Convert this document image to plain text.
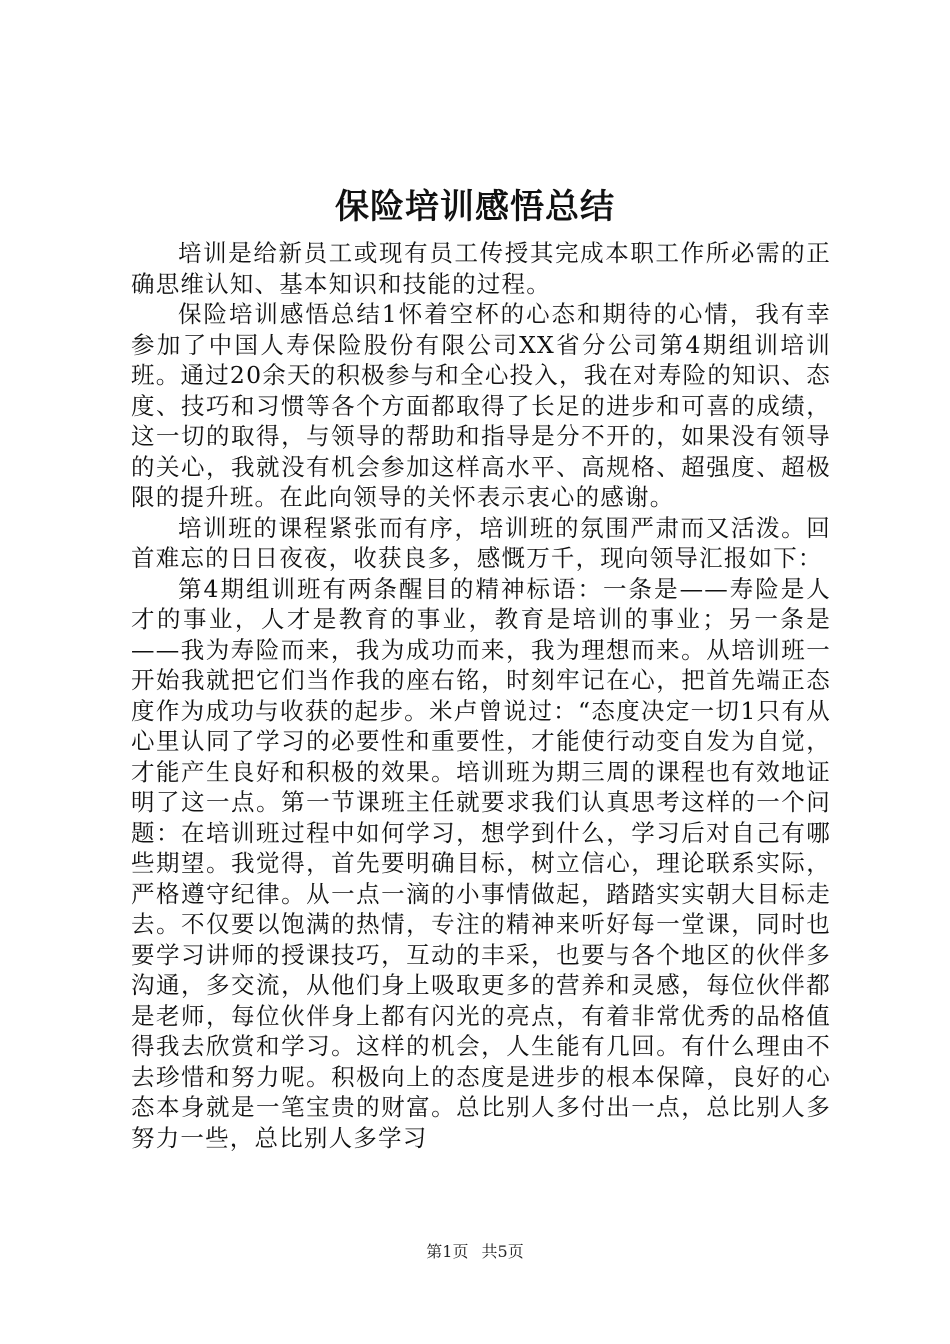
保险培训感悟总结

培训是给新员工或现有员工传授其完成本职工作所必需的正确思维认知、基本知识和技能的过程。

保险培训感悟总结1怀着空杯的心态和期待的心情，我有幸参加了中国人寿保险股份有限公司XX省分公司第4期组训培训班。通过20余天的积极参与和全心投入，我在对寿险的知识、态度、技巧和习惯等各个方面都取得了长足的进步和可喜的成绩，这一切的取得，与领导的帮助和指导是分不开的，如果没有领导的关心，我就没有机会参加这样高水平、高规格、超强度、超极限的提升班。在此向领导的关怀表示衷心的感谢。

培训班的课程紧张而有序，培训班的氛围严肃而又活泼。回首难忘的日日夜夜，收获良多，感慨万千，现向领导汇报如下：

第4期组训班有两条醒目的精神标语：一条是——寿险是人才的事业，人才是教育的事业，教育是培训的事业；另一条是——我为寿险而来，我为成功而来，我为理想而来。从培训班一开始我就把它们当作我的座右铭，时刻牢记在心，把首先端正态度作为成功与收获的起步。米卢曾说过：“态度决定一切1只有从心里认同了学习的必要性和重要性，才能使行动变自发为自觉，才能产生良好和积极的效果。培训班为期三周的课程也有效地证明了这一点。第一节课班主任就要求我们认真思考这样的一个问题：在培训班过程中如何学习，想学到什么，学习后对自己有哪些期望。我觉得，首先要明确目标，树立信心，理论联系实际，严格遵守纪律。从一点一滴的小事情做起，踏踏实实朝大目标走去。不仅要以饱满的热情，专注的精神来听好每一堂课，同时也要学习讲师的授课技巧，互动的丰采，也要与各个地区的伙伴多沟通，多交流，从他们身上吸取更多的营养和灵感，每位伙伴都是老师，每位伙伴身上都有闪光的亮点，有着非常优秀的品格值得我去欣赏和学习。这样的机会，人生能有几回。有什么理由不去珍惜和努力呢。积极向上的态度是进步的根本保障，良好的心态本身就是一笔宝贵的财富。总比别人多付出一点，总比别人多努力一些，总比别人多学习

第1页 共5页
